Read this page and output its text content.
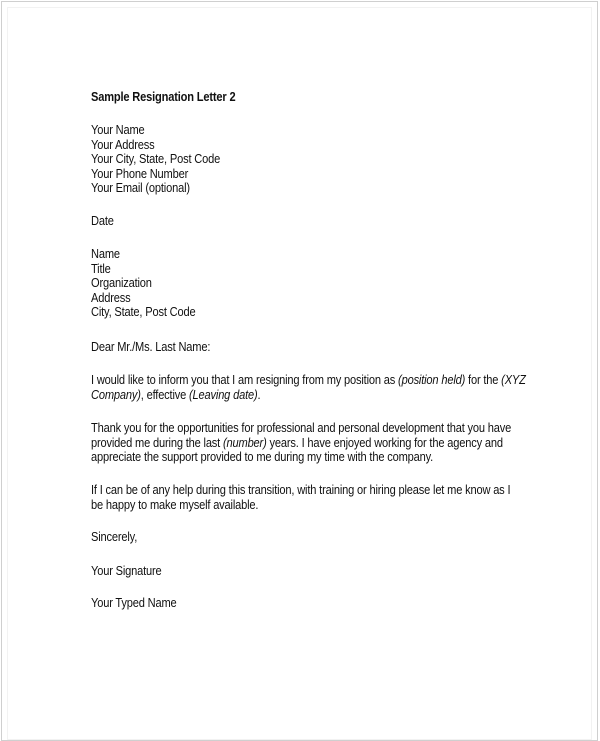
Sample Resignation Letter 2
Your Name
Your Address
Your City, State, Post Code
Your Phone Number
Your Email (optional)
Date
Name
Title
Organization
Address
City, State, Post Code
Dear Mr./Ms. Last Name:
I would like to inform you that I am resigning from my position as (position held) for the (XYZ
Company), effective (Leaving date).
Thank you for the opportunities for professional and personal development that you have
provided me during the last (number) years. I have enjoyed working for the agency and
appreciate the support provided to me during my time with the company.
If I can be of any help during this transition, with training or hiring please let me know as I
be happy to make myself available.
Sincerely,
Your Signature
Your Typed Name
